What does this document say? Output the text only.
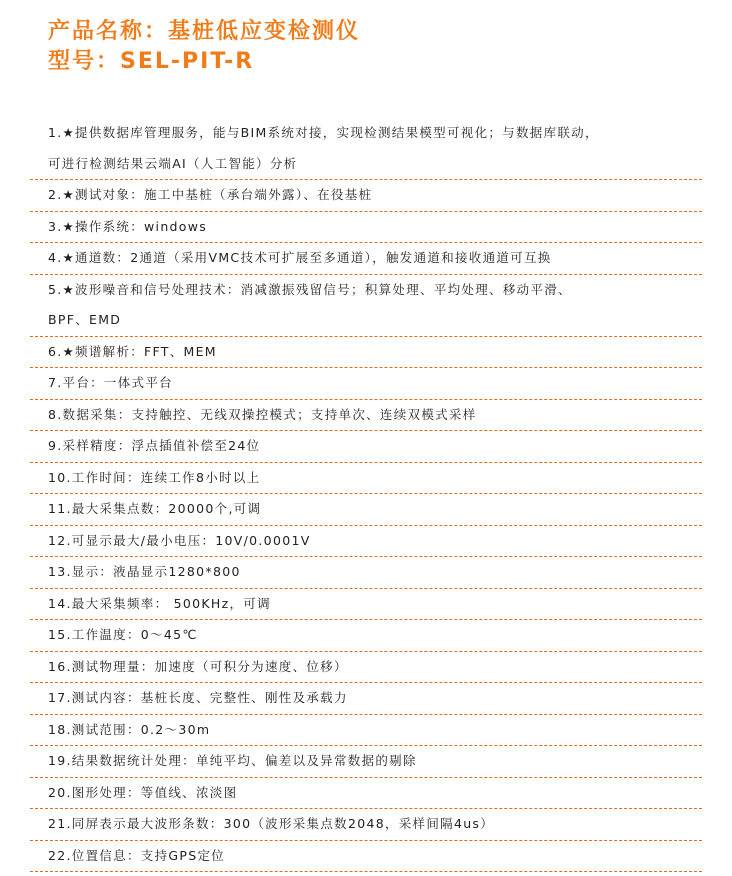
产品名称：基桩低应变检测仪
型号：SEL-PIT-R
1.★提供数据库管理服务，能与BIM系统对接，实现检测结果模型可视化；与数据库联动，
可进行检测结果云端AI（人工智能）分析
2.★测试对象：施工中基桩（承台端外露）、在役基桩
3.★操作系统：windows
4.★通道数：2通道（采用VMC技术可扩展至多通道），触发通道和接收通道可互换
5.★波形噪音和信号处理技术：消减激振残留信号；积算处理、平均处理、移动平滑、
BPF、EMD
6.★频谱解析：FFT、MEM
7.平台：一体式平台
8.数据采集：支持触控、无线双操控模式；支持单次、连续双模式采样
9.采样精度：浮点插值补偿至24位
10.工作时间：连续工作8小时以上
11.最大采集点数：20000个,可调
12.可显示最大/最小电压：10V/0.0001V
13.显示：液晶显示1280*800
14.最大采集频率： 500KHz，可调
15.工作温度：0～45℃
16.测试物理量：加速度（可积分为速度、位移）
17.测试内容：基桩长度、完整性、刚性及承载力
18.测试范围：0.2～30m
19.结果数据统计处理：单纯平均、偏差以及异常数据的剔除
20.图形处理：等值线、浓淡图
21.同屏表示最大波形条数：300（波形采集点数2048，采样间隔4us）
22.位置信息：支持GPS定位
